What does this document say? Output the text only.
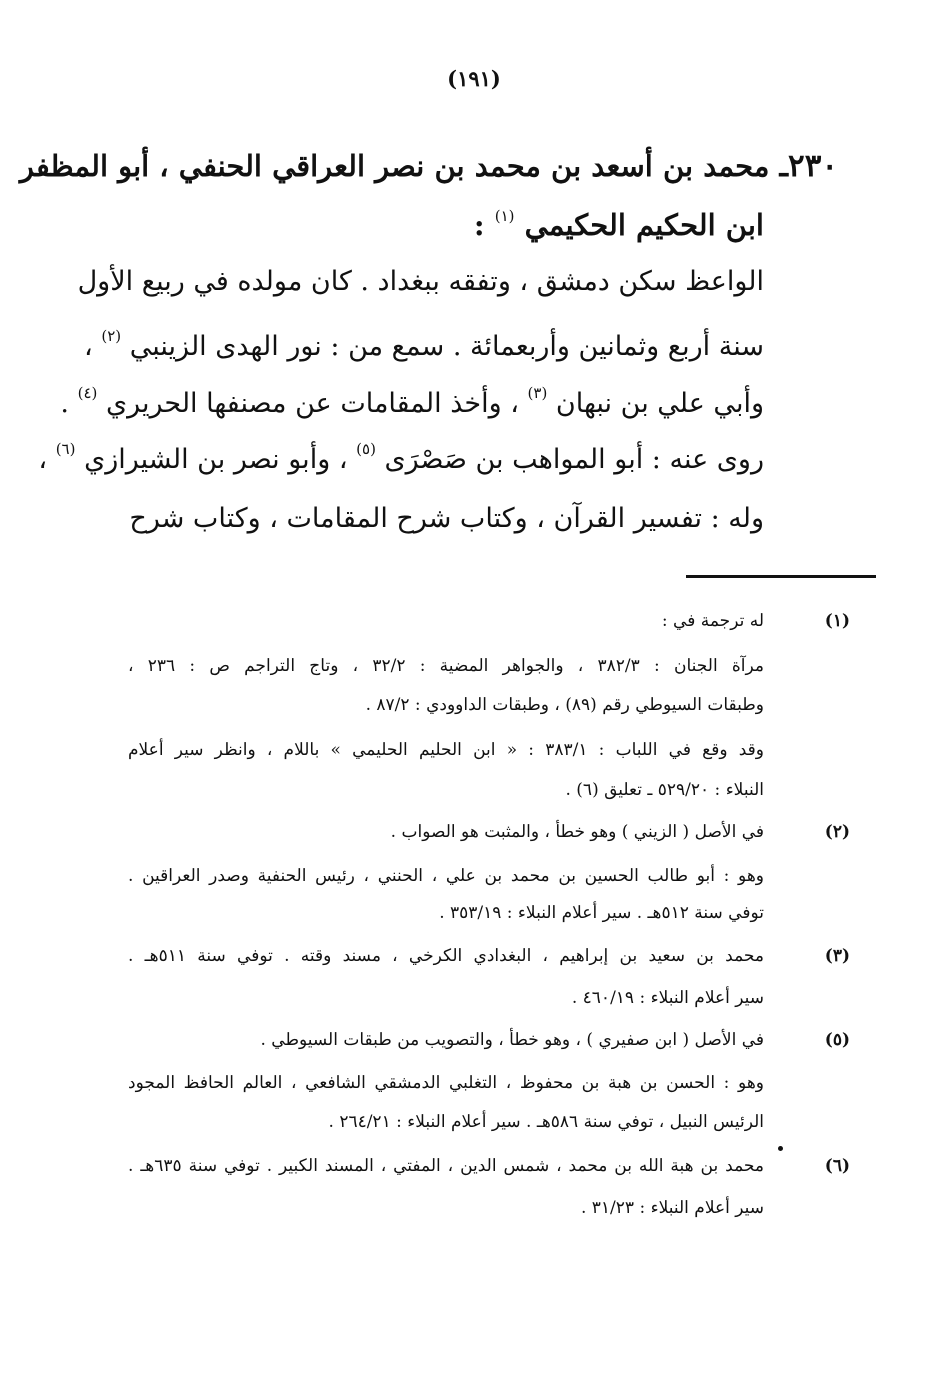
(١٩١)
٢٣٠ـ محمد بن أسعد بن محمد بن نصر العراقي الحنفي ، أبو المظفر
ابن الحكيم الحكيمي $^{(١)}$ :
الواعظ سكن دمشق ، وتفقه ببغداد . كان مولده في ربيع الأول
سنة أربع وثمانين وأربعمائة . سمع من : نور الهدى الزينبي $^{(٢)}$ ،
وأبي علي بن نبهان $^{(٣)}$ ، وأخذ المقامات عن مصنفها الحريري $^{(٤)}$ .
روى عنه : أبو المواهب بن صَصْرَى $^{(٥)}$ ، وأبو نصر بن الشيرازي $^{(٦)}$ ،
وله : تفسير القرآن ، وكتاب شرح المقامات ، وكتاب شرح
(١)
له ترجمة في :
مرآة الجنان : ٣٨٢/٣ ، والجواهر المضية : ٣٢/٢ ، وتاج التراجم ص : ٢٣٦ ،
وطبقات السيوطي رقم (٨٩) ، وطبقات الداوودي : ٨٧/٢ .
وقد وقع في اللباب : ٣٨٣/١ : « ابن الحليم الحليمي » باللام ، وانظر سير أعلام
النبلاء : ٥٢٩/٢٠ ـ تعليق (٦) .
(٢)
في الأصل ( الزيني ) وهو خطأ ، والمثبت هو الصواب .
وهو : أبو طالب الحسين بن محمد بن علي ، الحنني ، رئيس الحنفية وصدر العراقين .
توفي سنة ٥١٢هـ . سير أعلام النبلاء : ٣٥٣/١٩ .
(٣)
محمد بن سعيد بن إبراهيم ، البغدادي الكرخي ، مسند وقته . توفي سنة ٥١١هـ .
سير أعلام النبلاء : ٤٦٠/١٩ .
(٥)
في الأصل ( ابن صفيري ) ، وهو خطأ ، والتصويب من طبقات السيوطي .
وهو : الحسن بن هبة بن محفوظ ، التغلبي الدمشقي الشافعي ، العالم الحافظ المجود
الرئيس النبيل ، توفي سنة ٥٨٦هـ . سير أعلام النبلاء : ٢٦٤/٢١ .
(٦)
محمد بن هبة الله بن محمد ، شمس الدين ، المفتي ، المسند الكبير . توفي سنة ٦٣٥هـ .
سير أعلام النبلاء : ٣١/٢٣ .
